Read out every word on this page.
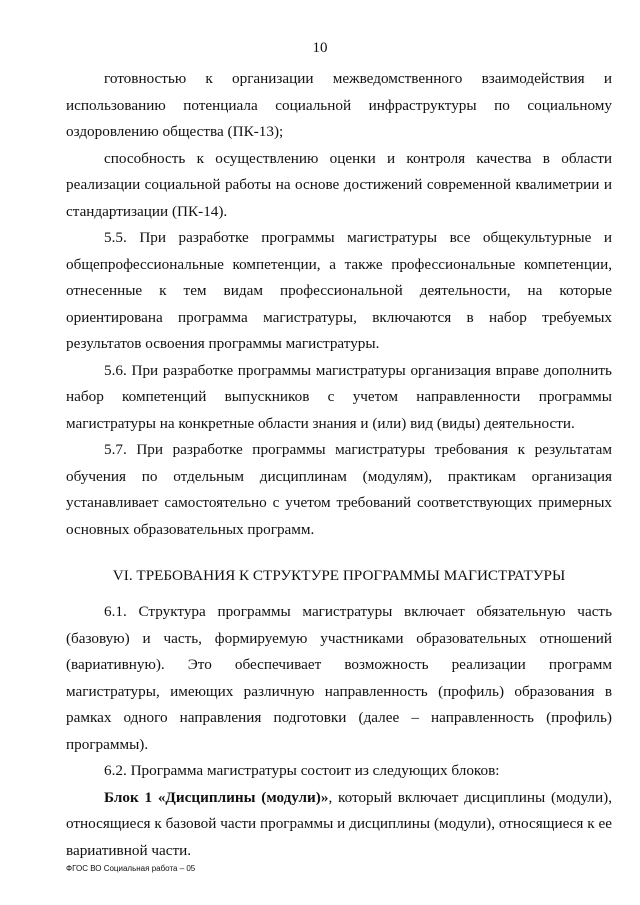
10

готовностью к организации межведомственного взаимодействия и использованию потенциала социальной инфраструктуры по социальному оздоровлению общества (ПК-13);

способность к осуществлению оценки и контроля качества в области реализации социальной работы на основе достижений современной квалиметрии и стандартизации (ПК-14).

5.5. При разработке программы магистратуры все общекультурные и общепрофессиональные компетенции, а также профессиональные компетенции, отнесенные к тем видам профессиональной деятельности, на которые ориентирована программа магистратуры, включаются в набор требуемых результатов освоения программы магистратуры.

5.6. При разработке программы магистратуры организация вправе дополнить набор компетенций выпускников с учетом направленности программы магистратуры на конкретные области знания и (или) вид (виды) деятельности.

5.7. При разработке программы магистратуры требования к результатам обучения по отдельным дисциплинам (модулям), практикам организация устанавливает самостоятельно с учетом требований соответствующих примерных основных образовательных программ.

VI. ТРЕБОВАНИЯ К СТРУКТУРЕ ПРОГРАММЫ МАГИСТРАТУРЫ

6.1. Структура программы магистратуры включает обязательную часть (базовую) и часть, формируемую участниками образовательных отношений (вариативную). Это обеспечивает возможность реализации программ магистратуры, имеющих различную направленность (профиль) образования в рамках одного направления подготовки (далее – направленность (профиль) программы).

6.2. Программа магистратуры состоит из следующих блоков:

Блок 1 «Дисциплины (модули)», который включает дисциплины (модули), относящиеся к базовой части программы и дисциплины (модули), относящиеся к ее вариативной части.

ФГОС ВО Социальная работа – 05
